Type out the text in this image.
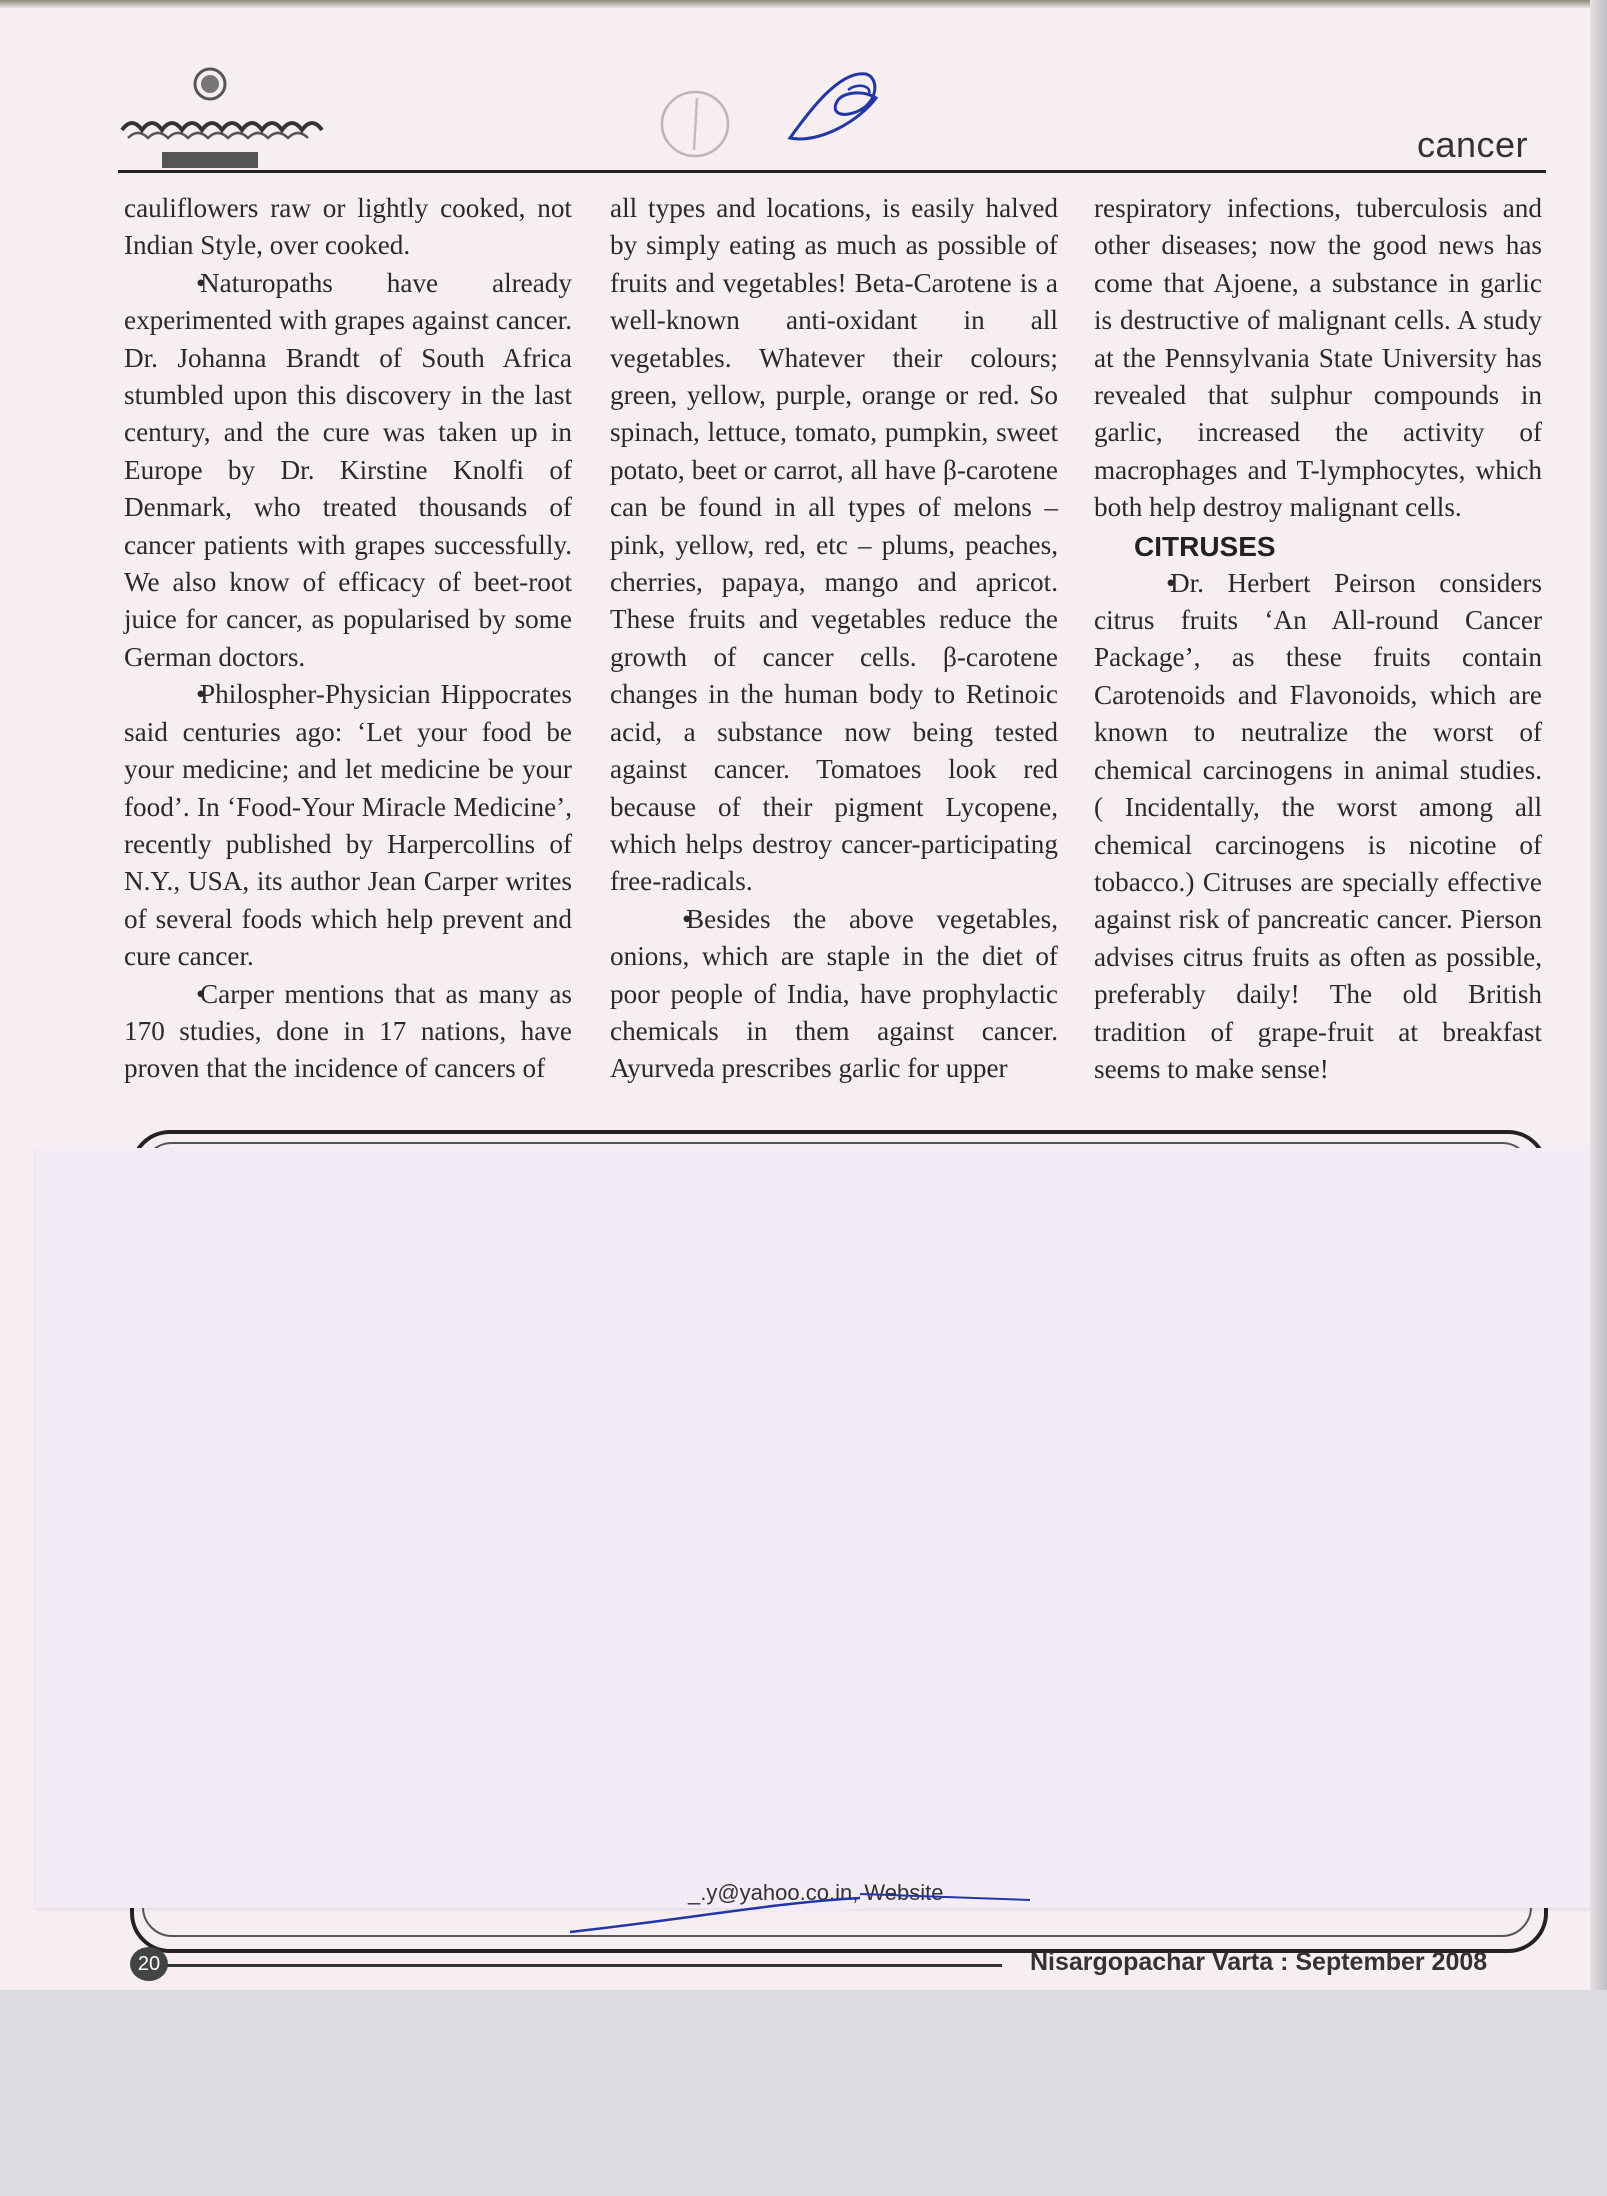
cancer

cauliflowers raw or lightly cooked, not Indian Style, over cooked.

• Naturopaths have already experimented with grapes against cancer. Dr. Johanna Brandt of South Africa stumbled upon this discovery in the last century, and the cure was taken up in Europe by Dr. Kirstine Knolfi of Denmark, who treated thousands of cancer patients with grapes successfully. We also know of efficacy of beet-root juice for cancer, as popularised by some German doctors.

• Philospher-Physician Hippocrates said centuries ago: ‘Let your food be your medicine; and let medicine be your food’. In ‘Food-Your Miracle Medicine’, recently published by Harpercollins of N.Y., USA, its author Jean Carper writes of several foods which help prevent and cure cancer.

• Carper mentions that as many as 170 studies, done in 17 nations, have proven that the incidence of cancers of

all types and locations, is easily halved by simply eating as much as possible of fruits and vegetables! Beta-Carotene is a well-known anti-oxidant in all vegetables. Whatever their colours; green, yellow, purple, orange or red. So spinach, lettuce, tomato, pumpkin, sweet potato, beet or carrot, all have β-carotene can be found in all types of melons – pink, yellow, red, etc – plums, peaches, cherries, papaya, mango and apricot. These fruits and vegetables reduce the growth of cancer cells. β-carotene changes in the human body to Retinoic acid, a substance now being tested against cancer. Tomatoes look red because of their pigment Lycopene, which helps destroy cancer-participating free-radicals.

• Besides the above vegetables, onions, which are staple in the diet of poor people of India, have prophylactic chemicals in them against cancer. Ayurveda prescribes garlic for upper

respiratory infections, tuberculosis and other diseases; now the good news has come that Ajoene, a substance in garlic is destructive of malignant cells. A study at the Pennsylvania State University has revealed that sulphur compounds in garlic, increased the activity of macrophages and T-lymphocytes, which both help destroy malignant cells.

CITRUSES

• Dr. Herbert Peirson considers citrus fruits ‘An All-round Cancer Package’, as these fruits contain Carotenoids and Flavonoids, which are known to neutralize the worst of chemical carcinogens in animal studies. ( Incidentally, the worst among all chemical carcinogens is nicotine of tobacco.) Citruses are specially effective against risk of pancreatic cancer. Pierson advises citrus fruits as often as possible, preferably daily! The old British tradition of grape-fruit at breakfast seems to make sense!

_.y@yahoo.co.in, Website
20	Nisargopachar Varta : September 2008
